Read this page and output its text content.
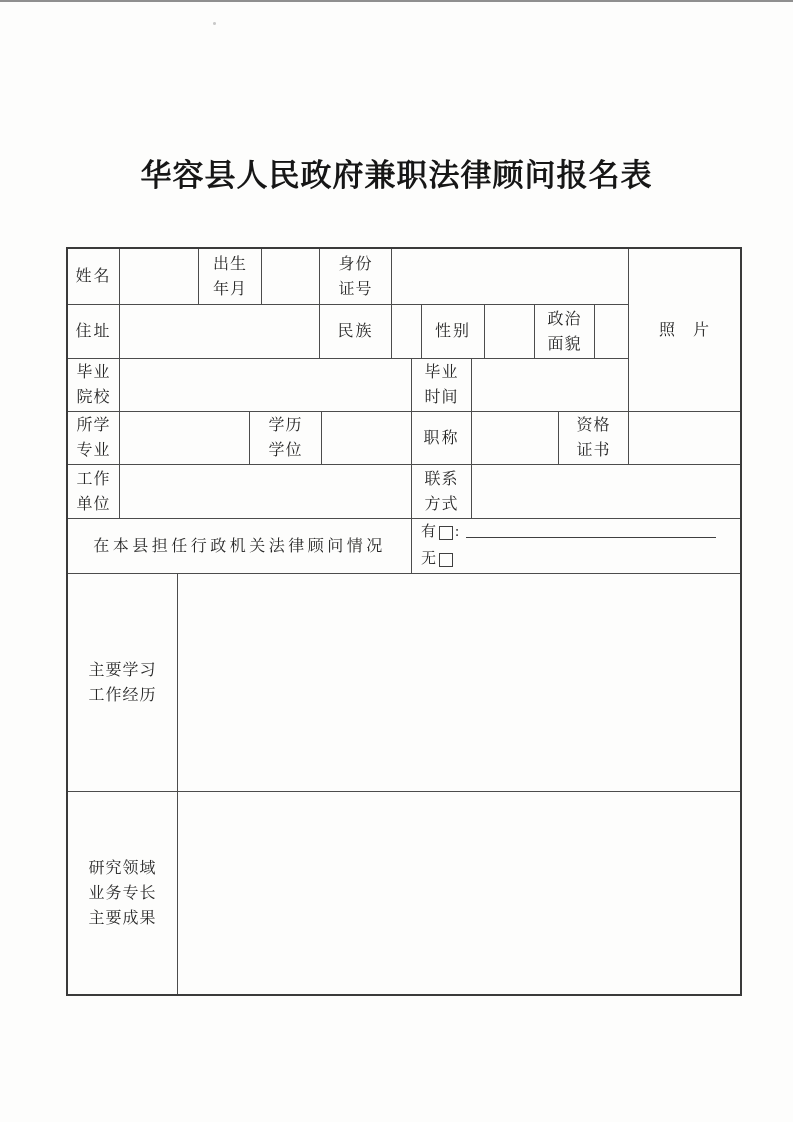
华容县人民政府兼职法律顾问报名表
姓名
出生年月
身份证号
照　片
住址	民族	性别
政治面貌
毕业院校
毕业时间
所学专业
学历学位
职称
资格证书
工作单位
联系方式
在本县担任行政机关法律顾问情况
有 :
无
主要学习工作经历
研究领域业务专长主要成果
